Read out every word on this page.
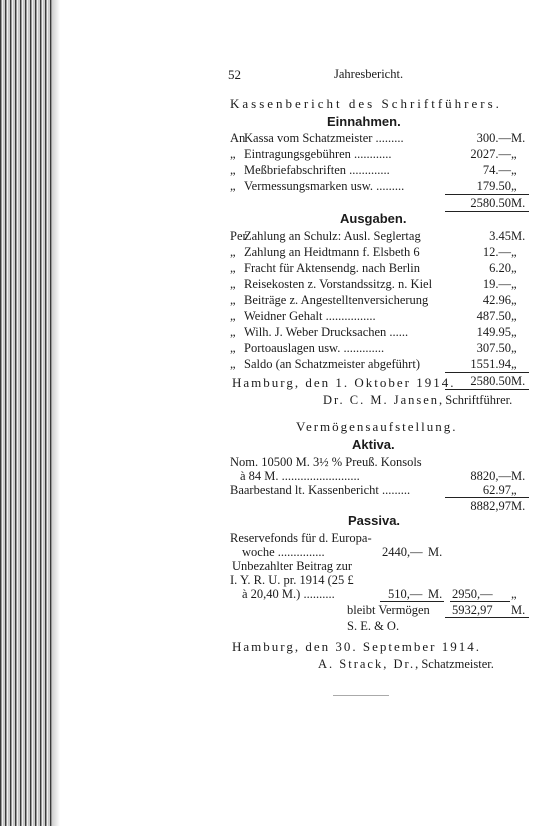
52	Jahresbericht.
Kassenbericht des Schriftführers.
Einnahmen.
An
Kassa vom Schatzmeister .........	300.— M.
„ Eintragungsgebühren ............	2027.— „
„ Meßbriefabschriften .............	74.— „
„ Vermessungsmarken usw. .........	179.50 „
2580.50 M.
Ausgaben.
Per
Zahlung an Schulz: Ausl. Seglertag	3.45 M.
„ Zahlung an Heidtmann f. Elsbeth 6	12.— „
„ Fracht für Aktensendg. nach Berlin	6.20 „
„ Reisekosten z. Vorstandssitzg. n. Kiel	19.— „
„ Beiträge z. Angestelltenversicherung	42.96 „
„ Weidner Gehalt ................	487.50 „
„ Wilh. J. Weber Drucksachen ......	149.95 „
„ Portoauslagen usw. .............	307.50 „
„ Saldo (an Schatzmeister abgeführt)	1551.94 „
2580.50 M.
Hamburg, den 1. Oktober 1914.
Dr. C. M. Jansen, Schriftführer.
Vermögensaufstellung.
Aktiva.
Nom. 10500 M. 3½ % Preuß. Konsols
à 84 M. .........................	8820,— M.
Baarbestand lt. Kassenbericht .........	62.97 „
8882,97 M.
Passiva.
Reservefonds für d. Europa-
woche ...............	2440,— M.
Unbezahlter Beitrag zur
I. Y. R. U. pr. 1914 (25 £
à 20,40 M.) ..........	510,— M. 2950,— „
bleibt Vermögen 5932,97 M.
S. E. & O.
Hamburg, den 30. September 1914.
A. Strack, Dr., Schatzmeister.
